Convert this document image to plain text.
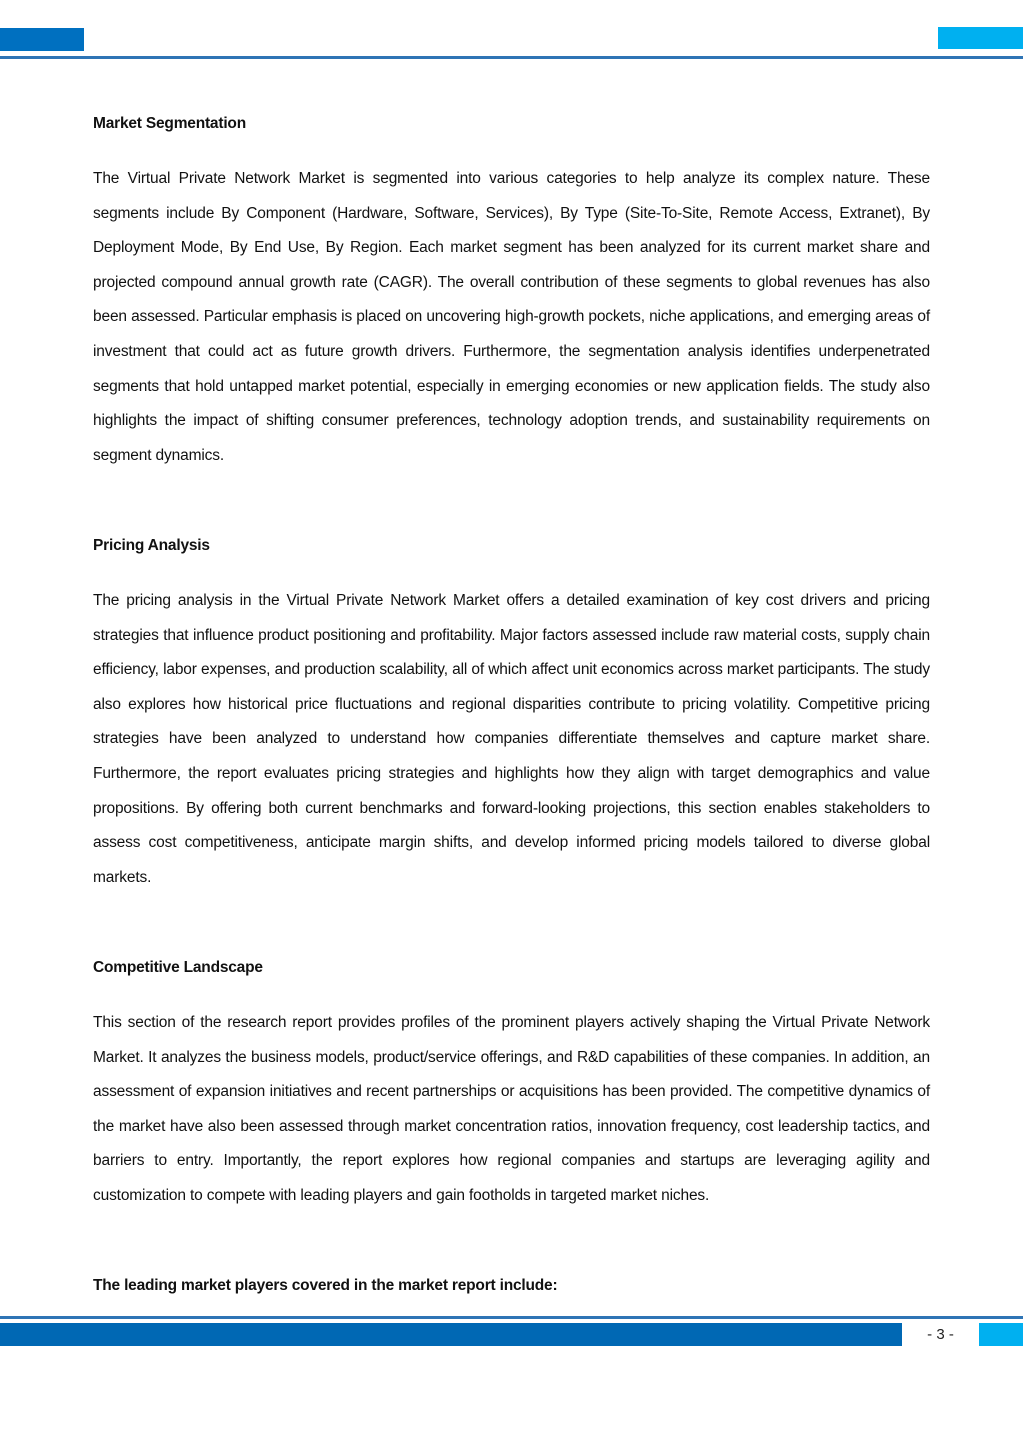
Market Segmentation

The Virtual Private Network Market is segmented into various categories to help analyze its complex nature. These segments include By Component (Hardware, Software, Services), By Type (Site-To-Site, Remote Access, Extranet), By Deployment Mode, By End Use, By Region. Each market segment has been analyzed for its current market share and projected compound annual growth rate (CAGR). The overall contribution of these segments to global revenues has also been assessed. Particular emphasis is placed on uncovering high-growth pockets, niche applications, and emerging areas of investment that could act as future growth drivers. Furthermore, the segmentation analysis identifies underpenetrated segments that hold untapped market potential, especially in emerging economies or new application fields. The study also highlights the impact of shifting consumer preferences, technology adoption trends, and sustainability requirements on segment dynamics.

Pricing Analysis

The pricing analysis in the Virtual Private Network Market offers a detailed examination of key cost drivers and pricing strategies that influence product positioning and profitability. Major factors assessed include raw material costs, supply chain efficiency, labor expenses, and production scalability, all of which affect unit economics across market participants. The study also explores how historical price fluctuations and regional disparities contribute to pricing volatility. Competitive pricing strategies have been analyzed to understand how companies differentiate themselves and capture market share. Furthermore, the report evaluates pricing strategies and highlights how they align with target demographics and value propositions. By offering both current benchmarks and forward-looking projections, this section enables stakeholders to assess cost competitiveness, anticipate margin shifts, and develop informed pricing models tailored to diverse global markets.

Competitive Landscape

This section of the research report provides profiles of the prominent players actively shaping the Virtual Private Network Market. It analyzes the business models, product/service offerings, and R&D capabilities of these companies. In addition, an assessment of expansion initiatives and recent partnerships or acquisitions has been provided. The competitive dynamics of the market have also been assessed through market concentration ratios, innovation frequency, cost leadership tactics, and barriers to entry. Importantly, the report explores how regional companies and startups are leveraging agility and customization to compete with leading players and gain footholds in targeted market niches.

The leading market players covered in the market report include:
- 3 -
